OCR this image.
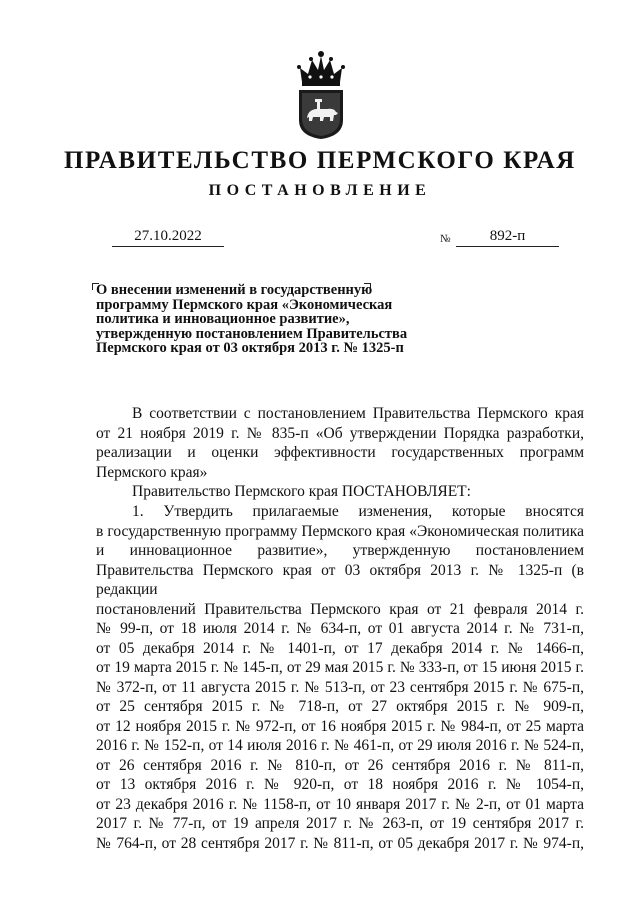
ПРАВИТЕЛЬСТВО ПЕРМСКОГО КРАЯ
ПОСТАНОВЛЕНИЕ
27.10.2022	№	892-п
О внесении изменений в государственную
программу Пермского края «Экономическая
политика и инновационное развитие»,
утвержденную постановлением Правительства
Пермского края от 03 октября 2013 г. № 1325-п
В соответствии с постановлением Правительства Пермского края
от 21 ноября 2019 г. № 835-п «Об утверждении Порядка разработки,
реализации и оценки эффективности государственных программ
Пермского края»
Правительство Пермского края ПОСТАНОВЛЯЕТ:
1. Утвердить прилагаемые изменения, которые вносятся
в государственную программу Пермского края «Экономическая политика
и инновационное развитие», утвержденную постановлением
Правительства Пермского края от 03 октября 2013 г. № 1325-п (в редакции
постановлений Правительства Пермского края от 21 февраля 2014 г.
№ 99-п, от 18 июля 2014 г. № 634-п, от 01 августа 2014 г. № 731-п,
от 05 декабря 2014 г. № 1401-п, от 17 декабря 2014 г. № 1466-п,
от 19 марта 2015 г. № 145-п, от 29 мая 2015 г. № 333-п, от 15 июня 2015 г.
№ 372-п, от 11 августа 2015 г. № 513-п, от 23 сентября 2015 г. № 675-п,
от 25 сентября 2015 г. № 718-п, от 27 октября 2015 г. № 909-п,
от 12 ноября 2015 г. № 972-п, от 16 ноября 2015 г. № 984-п, от 25 марта
2016 г. № 152-п, от 14 июля 2016 г. № 461-п, от 29 июля 2016 г. № 524-п,
от 26 сентября 2016 г. № 810-п, от 26 сентября 2016 г. № 811-п,
от 13 октября 2016 г. № 920-п, от 18 ноября 2016 г. № 1054-п,
от 23 декабря 2016 г. № 1158-п, от 10 января 2017 г. № 2-п, от 01 марта
2017 г. № 77-п, от 19 апреля 2017 г. № 263-п, от 19 сентября 2017 г.
№ 764-п, от 28 сентября 2017 г. № 811-п, от 05 декабря 2017 г. № 974-п,
